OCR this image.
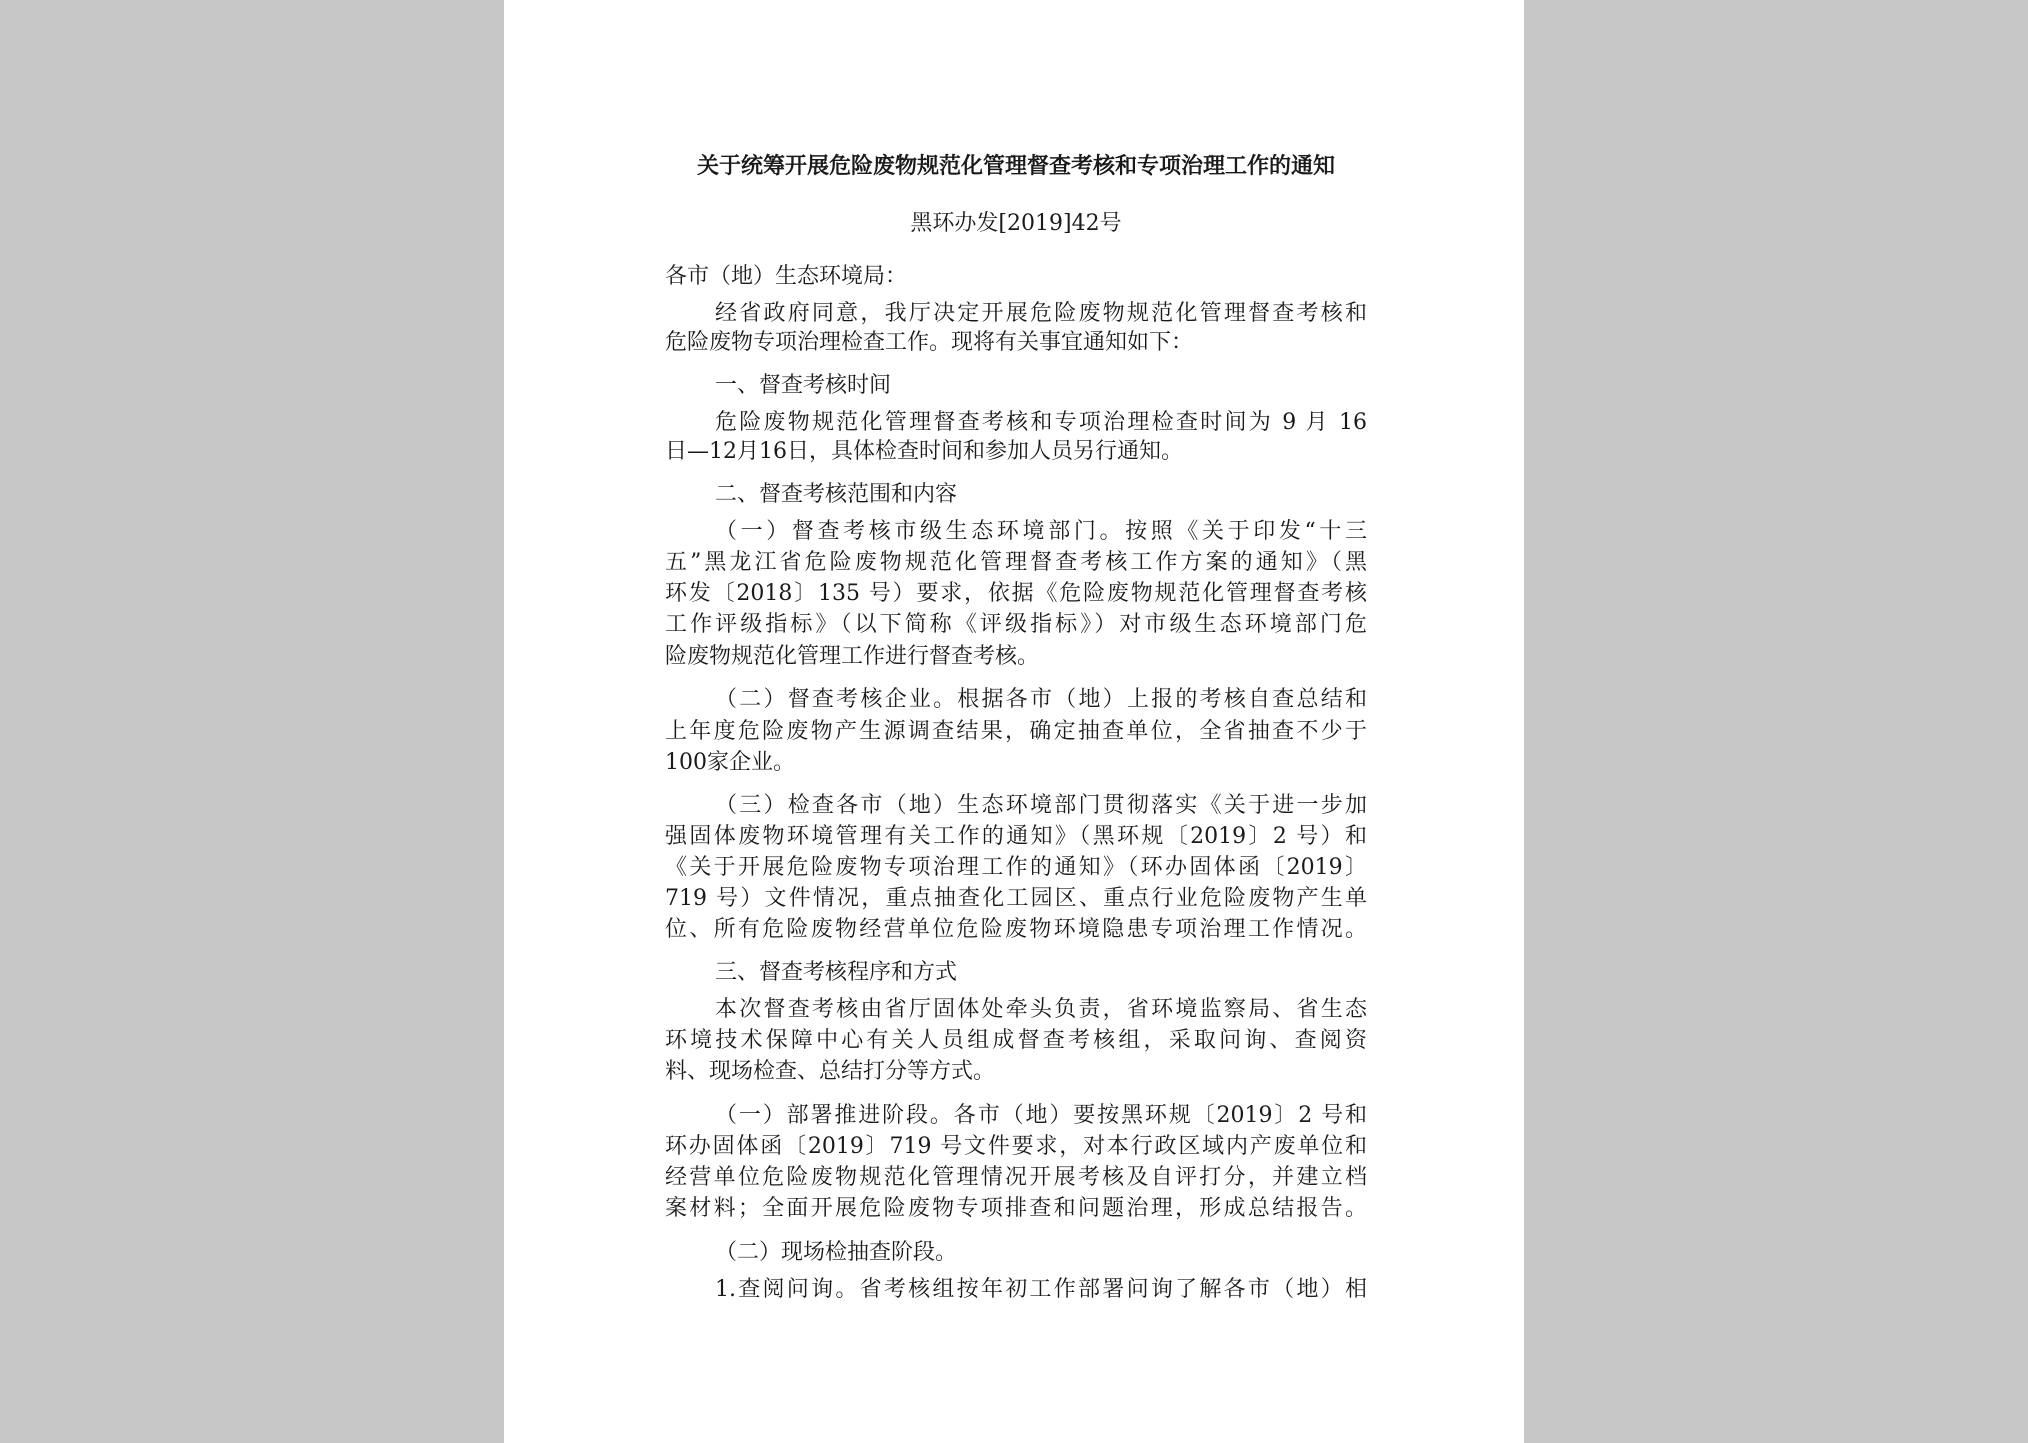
关于统筹开展危险废物规范化管理督查考核和专项治理工作的通知
黑环办发[2019]42号
各市（地）生态环境局：
经省政府同意，我厅决定开展危险废物规范化管理督查考核和
危险废物专项治理检查工作。现将有关事宜通知如下：
一、督查考核时间
危险废物规范化管理督查考核和专项治理检查时间为 9 月 16
日—12月16日，具体检查时间和参加人员另行通知。
二、督查考核范围和内容
（一）督查考核市级生态环境部门。按照《关于印发“十三
五”黑龙江省危险废物规范化管理督查考核工作方案的通知》（黑
环发〔2018〕135 号）要求，依据《危险废物规范化管理督查考核
工作评级指标》（以下简称《评级指标》）对市级生态环境部门危
险废物规范化管理工作进行督查考核。
（二）督查考核企业。根据各市（地）上报的考核自查总结和
上年度危险废物产生源调查结果，确定抽查单位，全省抽查不少于
100家企业。
（三）检查各市（地）生态环境部门贯彻落实《关于进一步加
强固体废物环境管理有关工作的通知》（黑环规〔2019〕2 号）和
《关于开展危险废物专项治理工作的通知》（环办固体函〔2019〕
719 号）文件情况，重点抽查化工园区、重点行业危险废物产生单
位、所有危险废物经营单位危险废物环境隐患专项治理工作情况。
三、督查考核程序和方式
本次督查考核由省厅固体处牵头负责，省环境监察局、省生态
环境技术保障中心有关人员组成督查考核组，采取问询、查阅资
料、现场检查、总结打分等方式。
（一）部署推进阶段。各市（地）要按黑环规〔2019〕2 号和
环办固体函〔2019〕719 号文件要求，对本行政区域内产废单位和
经营单位危险废物规范化管理情况开展考核及自评打分，并建立档
案材料；全面开展危险废物专项排查和问题治理，形成总结报告。
（二）现场检抽查阶段。
1.查阅问询。省考核组按年初工作部署问询了解各市（地）相
